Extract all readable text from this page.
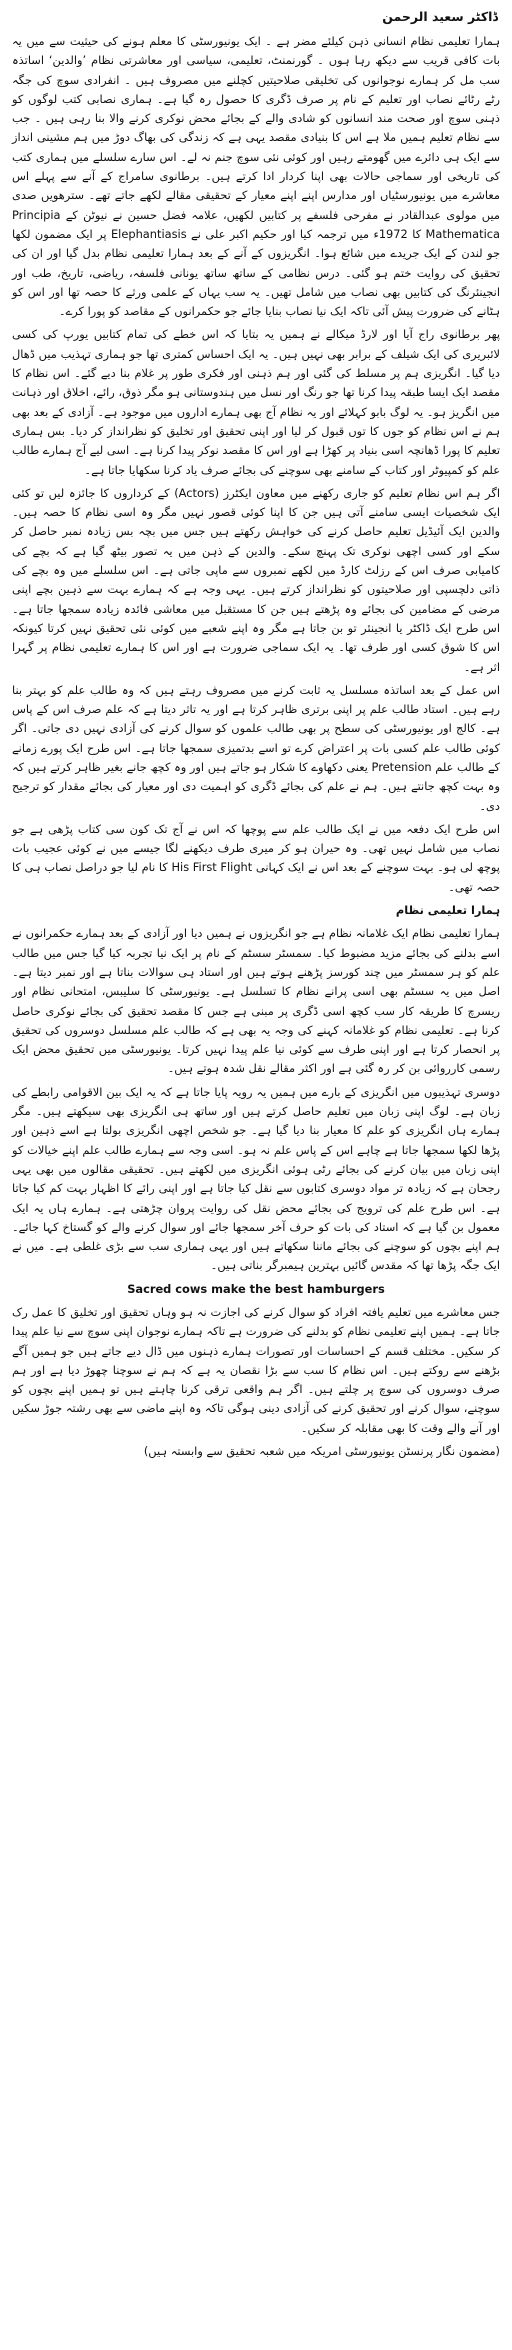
ڈاکٹر سعید الرحمن

ہمارا تعلیمی نظام انسانی ذہن کیلئے مضر ہے ۔ ایک یونیورسٹی کا معلم ہونے کی حیثیت سے میں یہ بات کافی قریب سے دیکھ رہا ہوں ۔ گورنمنٹ، تعلیمی، سیاسی اور معاشرتی نظام ’والدین‘ اساتذہ سب مل کر ہمارے نوجوانوں کی تخلیقی صلاحیتیں کچلنے میں مصروف ہیں ۔ انفرادی سوچ کی جگہ رٹے رٹائے نصاب اور تعلیم کے نام پر صرف ڈگری کا حصول رہ گیا ہے۔ ہماری نصابی کتب لوگوں کو ذہنی سوچ اور صحت مند انسانوں کو شادی والے کے بجائے محض نوکری کرنے والا بنا رہی ہیں ۔ جب سے نظام تعلیم ہمیں ملا ہے اس کا بنیادی مقصد یہی ہے کہ زندگی کی بھاگ دوڑ میں ہم مشینی انداز سے ایک ہی دائرے میں گھومتے رہیں اور کوئی نئی سوچ جنم نہ لے۔ اس سارے سلسلے میں ہماری کتب کی تاریخی اور سماجی حالات بھی اپنا کردار ادا کرتے ہیں۔ برطانوی سامراج کے آنے سے پہلے اس معاشرے میں یونیورسٹیاں اور مدارس اپنے اپنے معیار کے تحقیقی مقالے لکھے جاتے تھے۔ سترھویں صدی میں مولوی عبدالقادر نے مفرحی فلسفے پر کتابیں لکھیں، علامہ فضل حسین نے نیوٹن کے Principia Mathematica کا 1972ء میں ترجمہ کیا اور حکیم اکبر علی نے Elephantiasis پر ایک مضمون لکھا جو لندن کے ایک جریدے میں شائع ہوا۔ انگریزوں کے آنے کے بعد ہمارا تعلیمی نظام بدل گیا اور ان کی تحقیق کی روایت ختم ہو گئی۔ درس نظامی کے ساتھ ساتھ یونانی فلسفہ، ریاضی، تاریخ، طب اور انجینئرنگ کی کتابیں بھی نصاب میں شامل تھیں۔ یہ سب یہاں کے علمی ورثے کا حصہ تھا اور اس کو ہٹانے کی ضرورت پیش آئی تاکہ ایک نیا نصاب بنایا جائے جو حکمرانوں کے مقاصد کو پورا کرے۔

پھر برطانوی راج آیا اور لارڈ میکالے نے ہمیں یہ بتایا کہ اس خطے کی تمام کتابیں یورپ کی کسی لائبریری کی ایک شیلف کے برابر بھی نہیں ہیں۔ یہ ایک احساس کمتری تھا جو ہماری تہذیب میں ڈھال دیا گیا۔ انگریزی ہم پر مسلط کی گئی اور ہم ذہنی اور فکری طور پر غلام بنا دیے گئے۔ اس نظام کا مقصد ایک ایسا طبقہ پیدا کرنا تھا جو رنگ اور نسل میں ہندوستانی ہو مگر ذوق، رائے، اخلاق اور ذہانت میں انگریز ہو۔ یہ لوگ بابو کہلائے اور یہ نظام آج بھی ہمارے اداروں میں موجود ہے۔ آزادی کے بعد بھی ہم نے اس نظام کو جوں کا توں قبول کر لیا اور اپنی تحقیق اور تخلیق کو نظرانداز کر دیا۔ بس ہماری تعلیم کا پورا ڈھانچہ اسی بنیاد پر کھڑا ہے اور اس کا مقصد نوکر پیدا کرنا ہے۔ اسی لیے آج ہمارے طالب علم کو کمپیوٹر اور کتاب کے سامنے بھی سوچنے کی بجائے صرف یاد کرنا سکھایا جاتا ہے۔

اگر ہم اس نظام تعلیم کو جاری رکھنے میں معاون ایکٹرز (Actors) کے کرداروں کا جائزہ لیں تو کئی ایک شخصیات ایسی سامنے آتی ہیں جن کا اپنا کوئی قصور نہیں مگر وہ اسی نظام کا حصہ ہیں۔ والدین ایک آئیڈیل تعلیم حاصل کرنے کی خواہش رکھتے ہیں جس میں بچہ بس زیادہ نمبر حاصل کر سکے اور کسی اچھی نوکری تک پہنچ سکے۔ والدین کے ذہن میں یہ تصور بیٹھ گیا ہے کہ بچے کی کامیابی صرف اس کے رزلٹ کارڈ میں لکھے نمبروں سے ماپی جاتی ہے۔ اس سلسلے میں وہ بچے کی ذاتی دلچسپی اور صلاحیتوں کو نظرانداز کرتے ہیں۔ یہی وجہ ہے کہ ہمارے بہت سے ذہین بچے اپنی مرضی کے مضامین کی بجائے وہ پڑھتے ہیں جن کا مستقبل میں معاشی فائدہ زیادہ سمجھا جاتا ہے۔ اس طرح ایک ڈاکٹر یا انجینئر تو بن جاتا ہے مگر وہ اپنے شعبے میں کوئی نئی تحقیق نہیں کرتا کیونکہ اس کا شوق کسی اور طرف تھا۔ یہ ایک سماجی ضرورت ہے اور اس کا ہمارے تعلیمی نظام پر گہرا اثر ہے۔

اس عمل کے بعد اساتذہ مسلسل یہ ثابت کرنے میں مصروف رہتے ہیں کہ وہ طالب علم کو بہتر بنا رہے ہیں۔ استاد طالب علم پر اپنی برتری ظاہر کرتا ہے اور یہ تاثر دیتا ہے کہ علم صرف اس کے پاس ہے۔ کالج اور یونیورسٹی کی سطح پر بھی طالب علموں کو سوال کرنے کی آزادی نہیں دی جاتی۔ اگر کوئی طالب علم کسی بات پر اعتراض کرے تو اسے بدتمیزی سمجھا جاتا ہے۔ اس طرح ایک پورے زمانے کے طالب علم Pretension یعنی دکھاوے کا شکار ہو جاتے ہیں اور وہ کچھ جانے بغیر ظاہر کرتے ہیں کہ وہ بہت کچھ جانتے ہیں۔ ہم نے علم کی بجائے ڈگری کو اہمیت دی اور معیار کی بجائے مقدار کو ترجیح دی۔

اس طرح ایک دفعہ میں نے ایک طالب علم سے پوچھا کہ اس نے آج تک کون سی کتاب پڑھی ہے جو نصاب میں شامل نہیں تھی۔ وہ حیران ہو کر میری طرف دیکھنے لگا جیسے میں نے کوئی عجیب بات پوچھ لی ہو۔ بہت سوچنے کے بعد اس نے ایک کہانی His First Flight کا نام لیا جو دراصل نصاب ہی کا حصہ تھی۔

ہمارا تعلیمی نظام

ہمارا تعلیمی نظام ایک غلامانہ نظام ہے جو انگریزوں نے ہمیں دیا اور آزادی کے بعد ہمارے حکمرانوں نے اسے بدلنے کی بجائے مزید مضبوط کیا۔ سمسٹر سسٹم کے نام پر ایک نیا تجربہ کیا گیا جس میں طالب علم کو ہر سمسٹر میں چند کورسز پڑھنے ہوتے ہیں اور استاد ہی سوالات بناتا ہے اور نمبر دیتا ہے۔ اصل میں یہ سسٹم بھی اسی پرانے نظام کا تسلسل ہے۔ یونیورسٹی کا سلیبس، امتحانی نظام اور ریسرچ کا طریقہ کار سب کچھ اسی ڈگری پر مبنی ہے جس کا مقصد تحقیق کی بجائے نوکری حاصل کرنا ہے۔ تعلیمی نظام کو غلامانہ کہنے کی وجہ یہ بھی ہے کہ طالب علم مسلسل دوسروں کی تحقیق پر انحصار کرتا ہے اور اپنی طرف سے کوئی نیا علم پیدا نہیں کرتا۔ یونیورسٹی میں تحقیق محض ایک رسمی کارروائی بن کر رہ گئی ہے اور اکثر مقالے نقل شدہ ہوتے ہیں۔

دوسری تہذیبوں میں انگریزی کے بارے میں ہمیں یہ رویہ پایا جاتا ہے کہ یہ ایک بین الاقوامی رابطے کی زبان ہے۔ لوگ اپنی زبان میں تعلیم حاصل کرتے ہیں اور ساتھ ہی انگریزی بھی سیکھتے ہیں۔ مگر ہمارے ہاں انگریزی کو علم کا معیار بنا دیا گیا ہے۔ جو شخص اچھی انگریزی بولتا ہے اسے ذہین اور پڑھا لکھا سمجھا جاتا ہے چاہے اس کے پاس علم نہ ہو۔ اسی وجہ سے ہمارے طالب علم اپنے خیالات کو اپنی زبان میں بیان کرنے کی بجائے رٹی ہوئی انگریزی میں لکھتے ہیں۔ تحقیقی مقالوں میں بھی یہی رجحان ہے کہ زیادہ تر مواد دوسری کتابوں سے نقل کیا جاتا ہے اور اپنی رائے کا اظہار بہت کم کیا جاتا ہے۔ اس طرح علم کی ترویج کی بجائے محض نقل کی روایت پروان چڑھتی ہے۔ ہمارے ہاں یہ ایک معمول بن گیا ہے کہ استاد کی بات کو حرف آخر سمجھا جائے اور سوال کرنے والے کو گستاخ کہا جائے۔ ہم اپنے بچوں کو سوچنے کی بجائے ماننا سکھاتے ہیں اور یہی ہماری سب سے بڑی غلطی ہے۔ میں نے ایک جگہ پڑھا تھا کہ مقدس گائیں بہترین ہیمبرگر بناتی ہیں۔

Sacred cows make the best hamburgers

جس معاشرے میں تعلیم یافتہ افراد کو سوال کرنے کی اجازت نہ ہو وہاں تحقیق اور تخلیق کا عمل رک جاتا ہے۔ ہمیں اپنے تعلیمی نظام کو بدلنے کی ضرورت ہے تاکہ ہمارے نوجوان اپنی سوچ سے نیا علم پیدا کر سکیں۔ مختلف قسم کے احساسات اور تصورات ہمارے ذہنوں میں ڈال دیے جاتے ہیں جو ہمیں آگے بڑھنے سے روکتے ہیں۔ اس نظام کا سب سے بڑا نقصان یہ ہے کہ ہم نے سوچنا چھوڑ دیا ہے اور ہم صرف دوسروں کی سوچ پر چلتے ہیں۔ اگر ہم واقعی ترقی کرنا چاہتے ہیں تو ہمیں اپنے بچوں کو سوچنے، سوال کرنے اور تحقیق کرنے کی آزادی دینی ہوگی تاکہ وہ اپنے ماضی سے بھی رشتہ جوڑ سکیں اور آنے والے وقت کا بھی مقابلہ کر سکیں۔

(مضمون نگار پرنسٹن یونیورسٹی امریکہ میں شعبہ تحقیق سے وابستہ ہیں)
